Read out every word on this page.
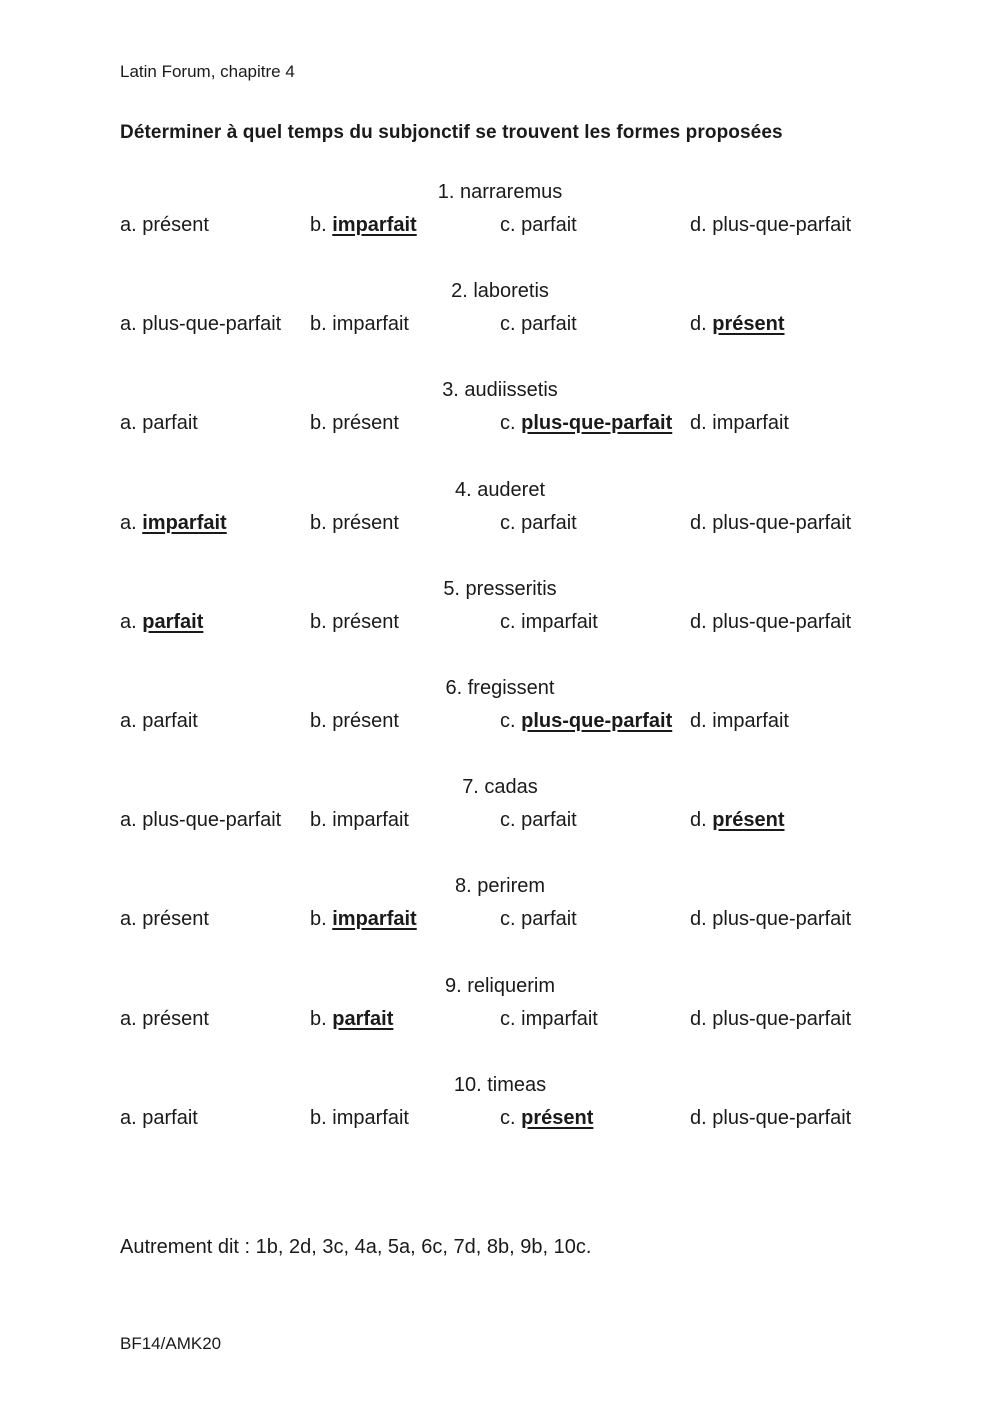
Latin Forum, chapitre 4
Déterminer à quel temps du subjonctif se trouvent les formes proposées
1. narraremus
a. présent	b. imparfait	c. parfait	d. plus-que-parfait
2. laboretis
a. plus-que-parfait	b. imparfait	c. parfait	d. présent
3. audiissetis
a. parfait	b. présent	c. plus-que-parfait d. imparfait
4. auderet
a. imparfait	b. présent	c. parfait	d. plus-que-parfait
5. presseritis
a. parfait	b. présent	c. imparfait	d. plus-que-parfait
6. fregissent
a. parfait	b. présent	c. plus-que-parfait d. imparfait
7. cadas
a. plus-que-parfait	b. imparfait	c. parfait	d. présent
8. perirem
a. présent	b. imparfait	c. parfait	d. plus-que-parfait
9. reliquerim
a. présent	b. parfait	c. imparfait	d. plus-que-parfait
10. timeas
a. parfait	b. imparfait	c. présent	d. plus-que-parfait
Autrement dit : 1b, 2d, 3c, 4a, 5a, 6c, 7d, 8b, 9b, 10c.
BF14/AMK20
